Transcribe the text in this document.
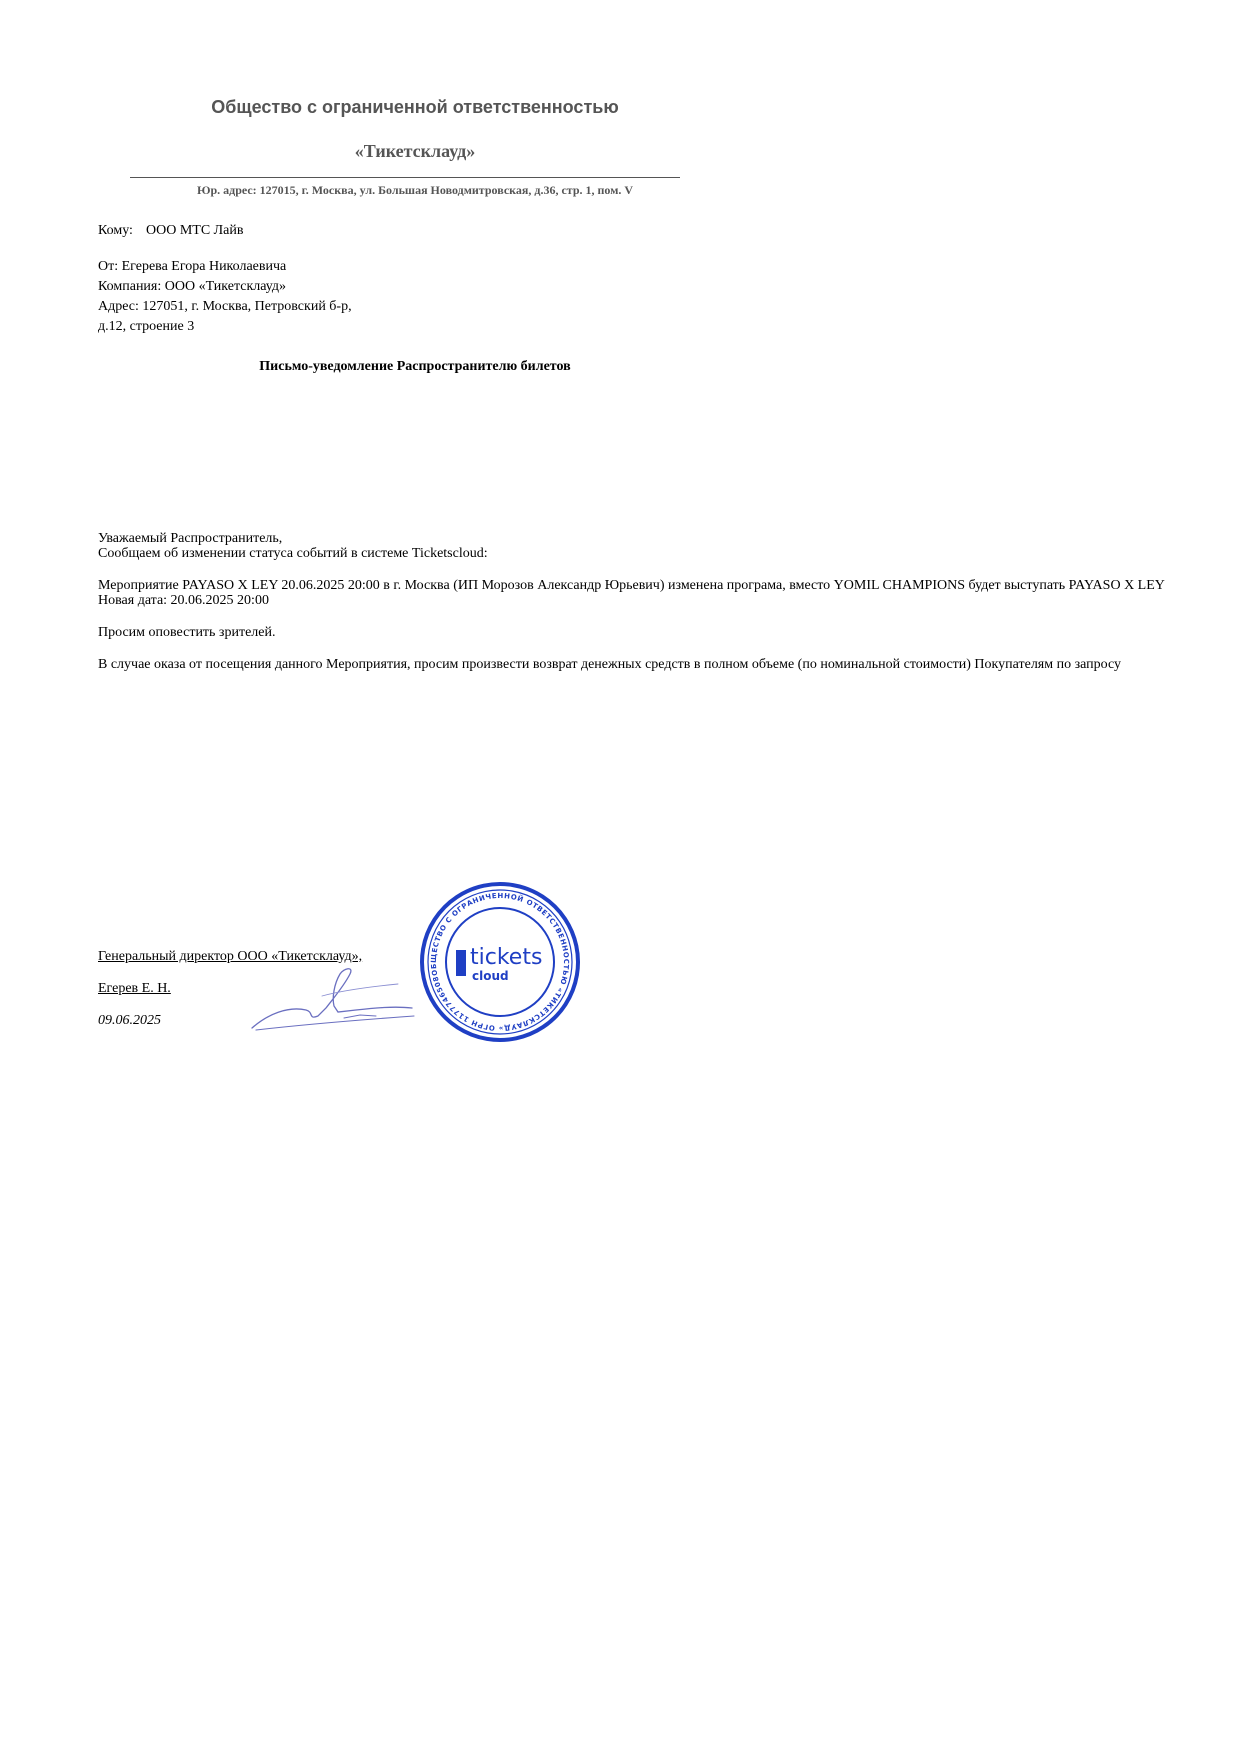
Общество с ограниченной ответственностью
«Тикетсклауд»
Юр. адрес: 127015, г. Москва, ул. Большая Новодмитровская, д.36, стр. 1, пом. V
Кому: ООО МТС Лайв
От: Егерева Егора Николаевича
Компания: ООО «Тикетсклауд»
Адрес: 127051, г. Москва, Петровский б-р,
д.12, строение 3
Письмо-уведомление Распространителю билетов
Уважаемый Распространитель,
Сообщаем об изменении статуса событий в системе Ticketscloud:
Мероприятие PAYASO X LEY 20.06.2025 20:00 в г. Москва (ИП Морозов Александр Юрьевич) изменена програма, вместо YOMIL CHAMPIONS будет выступать PAYASO X LEY
Новая дата: 20.06.2025 20:00
Просим оповестить зрителей.
В случае оказа от посещения данного Мероприятия, просим произвести возврат денежных средств в полном объеме (по номинальной стоимости) Покупателям по запросу
Генеральный директор ООО «Тикетсклауд»,
Егерев Е. Н.
09.06.2025
ОБЩЕСТВО С ОГРАНИЧЕННОЙ ОТВЕТСТВЕННОСТЬЮ «ТИКЕТСКЛАУД» ОГРН 1177746508499
tickets
cloud
